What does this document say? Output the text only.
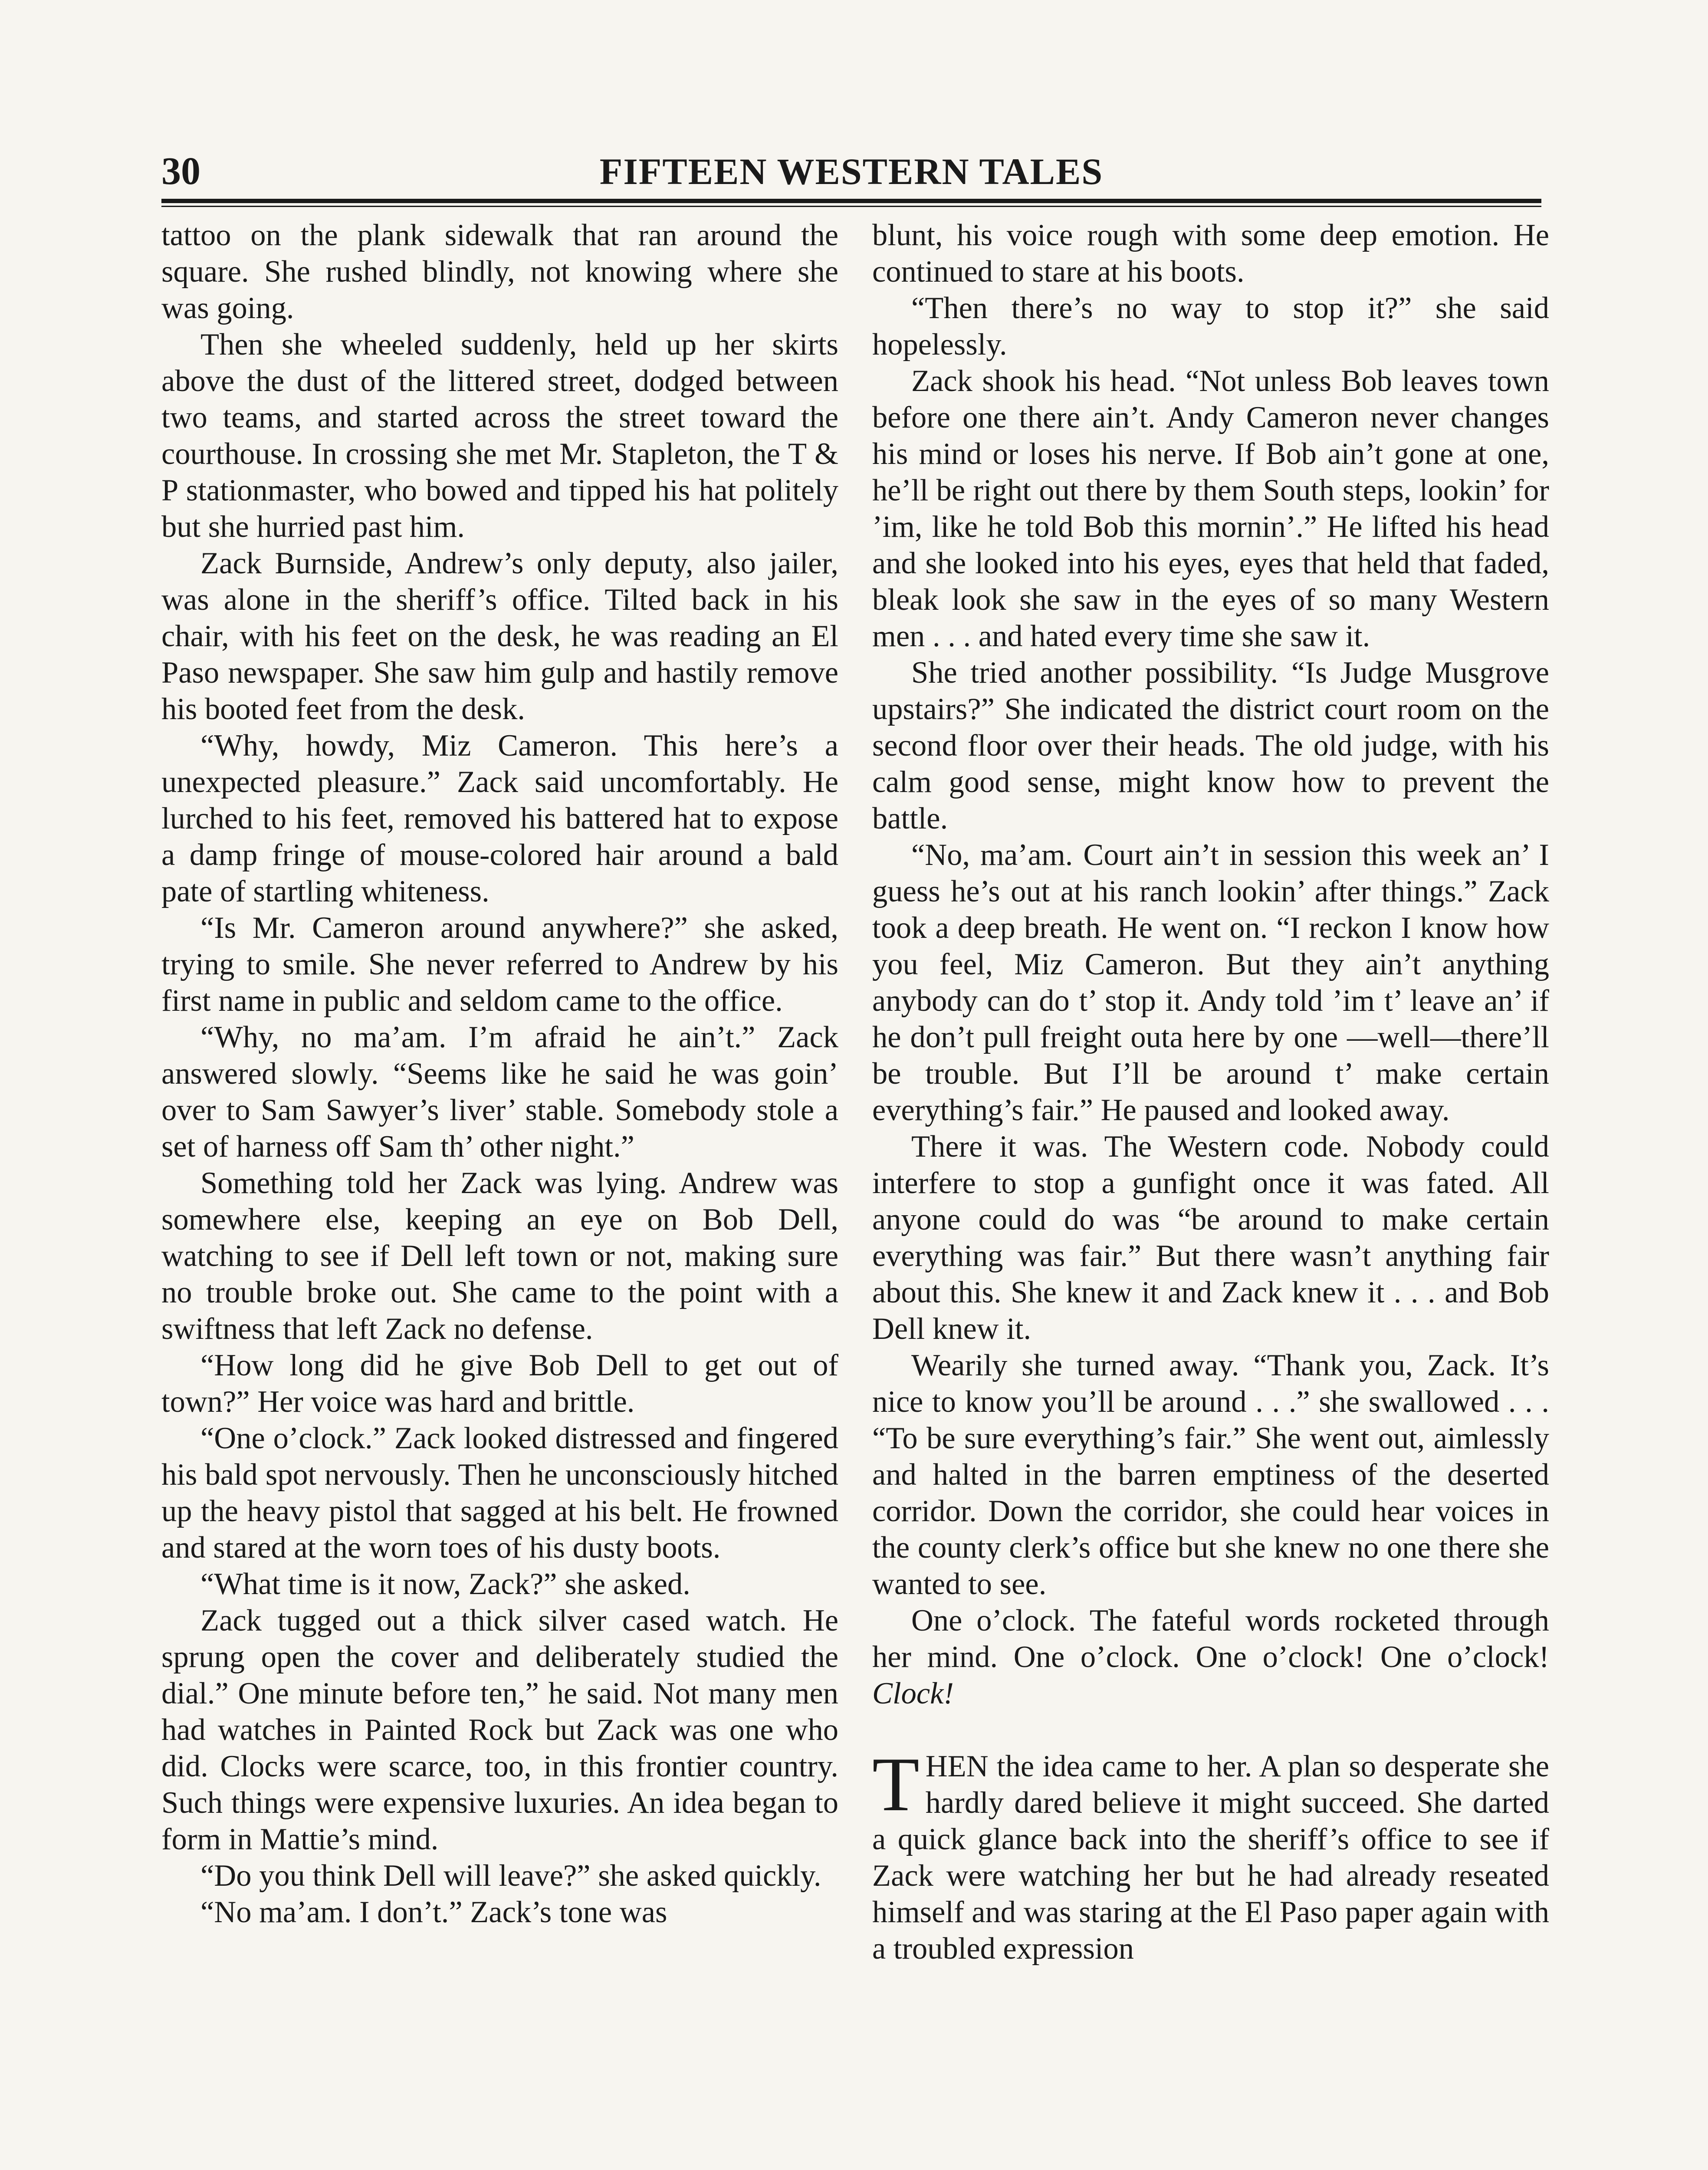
30	FIFTEEN WESTERN TALES

tattoo on the plank sidewalk that ran around the square. She rushed blindly, not knowing where she was going.

Then she wheeled suddenly, held up her skirts above the dust of the littered street, dodged between two teams, and started across the street toward the courthouse. In crossing she met Mr. Stapleton, the T & P stationmaster, who bowed and tipped his hat politely but she hurried past him.

Zack Burnside, Andrew’s only deputy, also jailer, was alone in the sheriff’s office. Tilted back in his chair, with his feet on the desk, he was reading an El Paso newspaper. She saw him gulp and hastily remove his booted feet from the desk.

“Why, howdy, Miz Cameron. This here’s a unexpected pleasure.” Zack said uncomfortably. He lurched to his feet, removed his battered hat to expose a damp fringe of mouse-colored hair around a bald pate of startling whiteness.

“Is Mr. Cameron around anywhere?” she asked, trying to smile. She never referred to Andrew by his first name in public and seldom came to the office.

“Why, no ma’am. I’m afraid he ain’t.” Zack answered slowly. “Seems like he said he was goin’ over to Sam Sawyer’s liver’ stable. Somebody stole a set of harness off Sam th’ other night.”

Something told her Zack was lying. Andrew was somewhere else, keeping an eye on Bob Dell, watching to see if Dell left town or not, making sure no trouble broke out. She came to the point with a swiftness that left Zack no defense.

“How long did he give Bob Dell to get out of town?” Her voice was hard and brittle.

“One o’clock.” Zack looked distressed and fingered his bald spot nervously. Then he unconsciously hitched up the heavy pistol that sagged at his belt. He frowned and stared at the worn toes of his dusty boots.

“What time is it now, Zack?” she asked.

Zack tugged out a thick silver cased watch. He sprung open the cover and deliberately studied the dial.” One minute before ten,” he said. Not many men had watches in Painted Rock but Zack was one who did. Clocks were scarce, too, in this frontier country. Such things were expensive luxuries. An idea began to form in Mattie’s mind.

“Do you think Dell will leave?” she asked quickly.

“No ma’am. I don’t.” Zack’s tone was

blunt, his voice rough with some deep emotion. He continued to stare at his boots.

“Then there’s no way to stop it?” she said hopelessly.

Zack shook his head. “Not unless Bob leaves town before one there ain’t. Andy Cameron never changes his mind or loses his nerve. If Bob ain’t gone at one, he’ll be right out there by them South steps, lookin’ for ’im, like he told Bob this mornin’.” He lifted his head and she looked into his eyes, eyes that held that faded, bleak look she saw in the eyes of so many Western men . . . and hated every time she saw it.

She tried another possibility. “Is Judge Musgrove upstairs?” She indicated the district court room on the second floor over their heads. The old judge, with his calm good sense, might know how to prevent the battle.

“No, ma’am. Court ain’t in session this week an’ I guess he’s out at his ranch lookin’ after things.” Zack took a deep breath. He went on. “I reckon I know how you feel, Miz Cameron. But they ain’t anything anybody can do t’ stop it. Andy told ’im t’ leave an’ if he don’t pull freight outa here by one —well—there’ll be trouble. But I’ll be around t’ make certain everything’s fair.” He paused and looked away.

There it was. The Western code. Nobody could interfere to stop a gunfight once it was fated. All anyone could do was “be around to make certain everything was fair.” But there wasn’t anything fair about this. She knew it and Zack knew it . . . and Bob Dell knew it.

Wearily she turned away. “Thank you, Zack. It’s nice to know you’ll be around . . .” she swallowed . . . “To be sure everything’s fair.” She went out, aimlessly and halted in the barren emptiness of the deserted corridor. Down the corridor, she could hear voices in the county clerk’s office but she knew no one there she wanted to see.

One o’clock. The fateful words rocketed through her mind. One o’clock. One o’clock! One o’clock! Clock!

THEN the idea came to her. A plan so desperate she hardly dared believe it might succeed. She darted a quick glance back into the sheriff’s office to see if Zack were watching her but he had already reseated himself and was staring at the El Paso paper again with a troubled expression
